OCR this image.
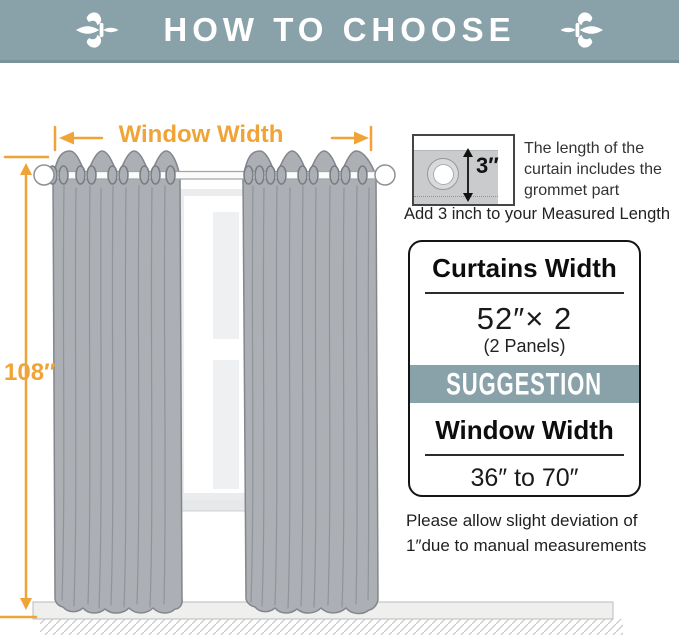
HOW TO CHOOSE
Window Width
108″
3″
The length of the curtain includes the grommet part
Add 3 inch to your Measured Length
Curtains Width
52″× 2
(2 Panels)
SUGGESTION
Window Width
36″ to 70″
Please allow slight deviation of
1″due to manual measurements
